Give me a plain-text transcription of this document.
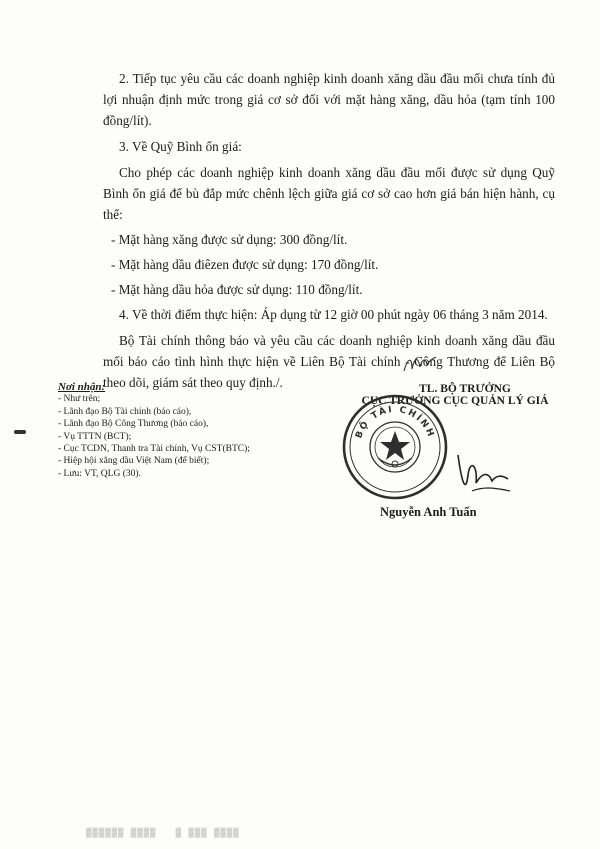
2. Tiếp tục yêu cầu các doanh nghiệp kinh doanh xăng dầu đầu mối chưa tính đủ lợi nhuận định mức trong giá cơ sở đối với mặt hàng xăng, dầu hỏa (tạm tính 100 đồng/lít).

3. Về Quỹ Bình ổn giá:

Cho phép các doanh nghiệp kinh doanh xăng dầu đầu mối được sử dụng Quỹ Bình ổn giá để bù đắp mức chênh lệch giữa giá cơ sở cao hơn giá bán hiện hành, cụ thể:

- Mặt hàng xăng được sử dụng: 300 đồng/lít.

- Mặt hàng dầu điêzen được sử dụng: 170 đồng/lít.

- Mặt hàng dầu hỏa được sử dụng: 110 đồng/lít.

4. Về thời điểm thực hiện: Áp dụng từ 12 giờ 00 phút ngày 06 tháng 3 năm 2014.

Bộ Tài chính thông báo và yêu cầu các doanh nghiệp kinh doanh xăng dầu đầu mối báo cáo tình hình thực hiện về Liên Bộ Tài chính - Công Thương để Liên Bộ theo dõi, giám sát theo quy định./.

Nơi nhận:

- Như trên;

- Lãnh đạo Bộ Tài chính (báo cáo),

- Lãnh đạo Bộ Công Thương (báo cáo),

- Vụ TTTN (BCT);

- Cục TCDN, Thanh tra Tài chính, Vụ CST(BTC);

- Hiệp hội xăng dầu Việt Nam (để biết);

- Lưu: VT, QLG (30).

TL. BỘ TRƯỞNG

CỤC TRƯỞNG CỤC QUẢN LÝ GIÁ

BỘ TÀI CHÍNH
Nguyễn Anh Tuấn
▓▓▓▓▓▓ ▓▓▓▓   ▓ ▓▓▓ ▓▓▓▓
